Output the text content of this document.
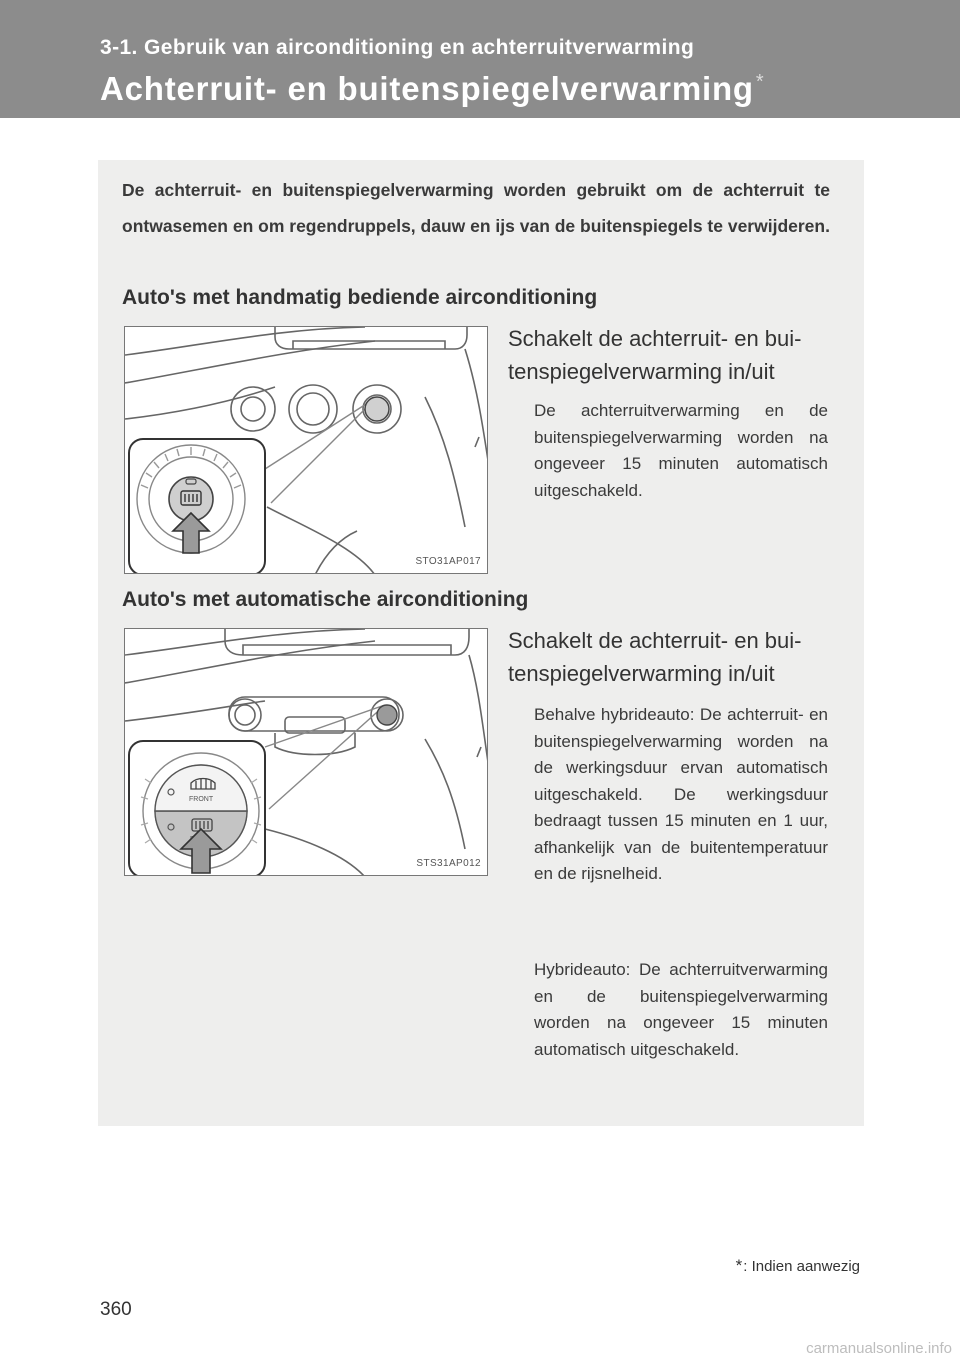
3-1. Gebruik van airconditioning en achterruitverwarming
Achterruit- en buitenspiegelverwarming *
De achterruit- en buitenspiegelverwarming worden gebruikt om de achterruit te ontwasemen en om regendruppels, dauw en ijs van de buitenspiegels te verwijderen.
Auto's met handmatig bediende airconditioning
STO31AP017
Schakelt de achterruit- en buitenspiegelverwarming in/uit
De achterruitverwarming en de buitenspiegelverwarming worden na ongeveer 15 minuten automatisch uitgeschakeld.
Auto's met automatische airconditioning
FRONT
STS31AP012
Schakelt de achterruit- en buitenspiegelverwarming in/uit
Behalve hybrideauto: De achterruit- en buitenspiegelverwarming worden na de werkingsduur ervan automatisch uitgeschakeld. De werkingsduur bedraagt tussen 15 minuten en 1 uur, afhankelijk van de buitentemperatuur en de rijsnelheid.
Hybrideauto: De achterruitverwarming en de buitenspiegelverwarming worden na ongeveer 15 minuten automatisch uitgeschakeld.
*: Indien aanwezig
360
carmanualsonline.info
